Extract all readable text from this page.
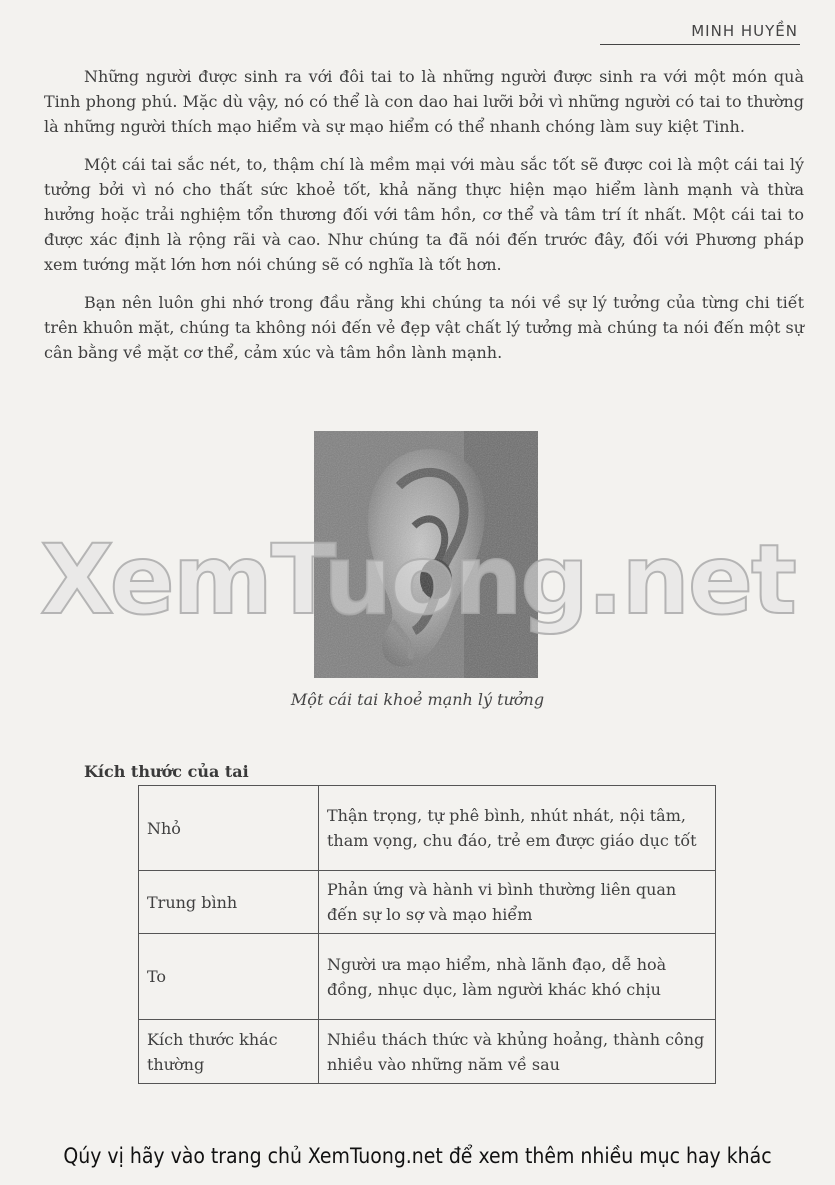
MINH HUYỀN

Những người được sinh ra với đôi tai to là những người được sinh ra với một món quà Tinh phong phú. Mặc dù vậy, nó có thể là con dao hai lưỡi bởi vì những người có tai to thường là những người thích mạo hiểm và sự mạo hiểm có thể nhanh chóng làm suy kiệt Tinh.

Một cái tai sắc nét, to, thậm chí là mềm mại với màu sắc tốt sẽ được coi là một cái tai lý tưởng bởi vì nó cho thất sức khoẻ tốt, khả năng thực hiện mạo hiểm lành mạnh và thừa hưởng hoặc trải nghiệm tổn thương đối với tâm hồn, cơ thể và tâm trí ít nhất. Một cái tai to được xác định là rộng rãi và cao. Như chúng ta đã nói đến trước đây, đối với Phương pháp xem tướng mặt lớn hơn nói chúng sẽ có nghĩa là tốt hơn.

Bạn nên luôn ghi nhớ trong đầu rằng khi chúng ta nói về sự lý tưởng của từng chi tiết trên khuôn mặt, chúng ta không nói đến vẻ đẹp vật chất lý tưởng mà chúng ta nói đến một sự cân bằng về mặt cơ thể, cảm xúc và tâm hồn lành mạnh.

Một cái tai khoẻ mạnh lý tưởng
XemTuong.net
Kích thước của tai
Nhỏ	Thận trọng, tự phê bình, nhút nhát, nội tâm, tham vọng, chu đáo, trẻ em được giáo dục tốt
Trung bình	Phản ứng và hành vi bình thường liên quan đến sự lo sợ và mạo hiểm
To	Người ưa mạo hiểm, nhà lãnh đạo, dễ hoà đồng, nhục dục, làm người khác khó chịu
Kích thước khác thường	Nhiều thách thức và khủng hoảng, thành công nhiều vào những năm về sau
Qúy vị hãy vào trang chủ XemTuong.net để xem thêm nhiều mục hay khác
